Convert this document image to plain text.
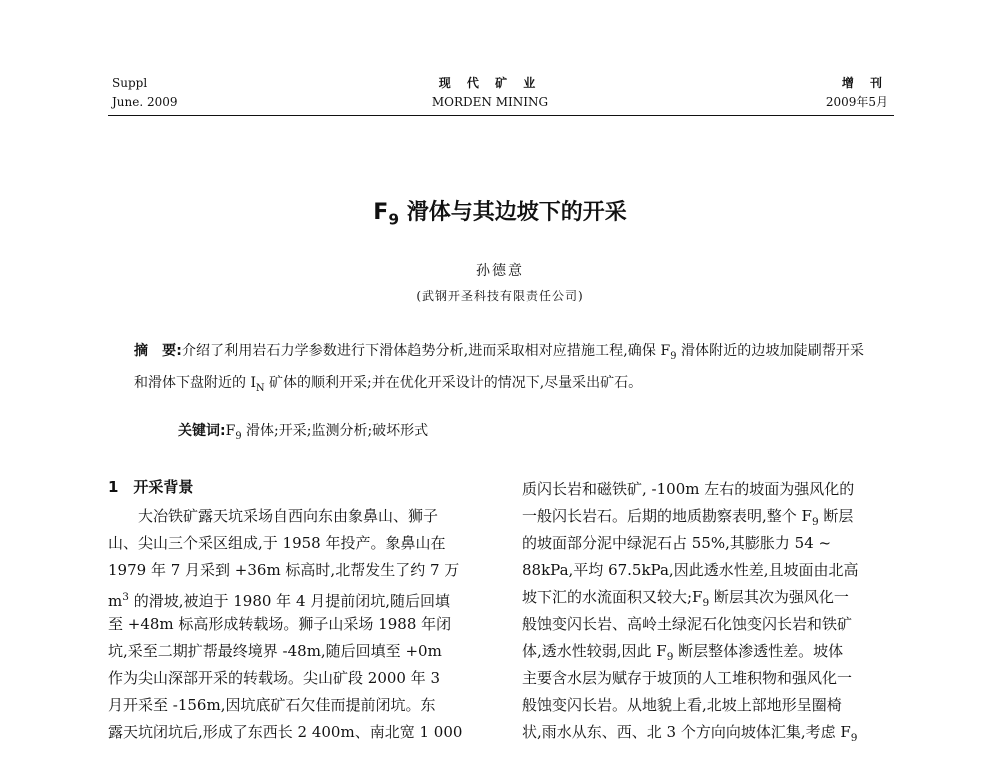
Suppl
June. 2009
现 代 矿 业
MORDEN MINING
增 刊
2009年5月
$F_9$ 滑体与其边坡下的开采
孙德意
(武钢开圣科技有限责任公司)
摘　要:介绍了利用岩石力学参数进行下滑体趋势分析,进而采取相对应措施工程,确保 $F_9$ 滑体附近的边坡加陡刷帮开采和滑体下盘附近的 $I_N$ 矿体的顺利开采;并在优化开采设计的情况下,尽量采出矿石。
关键词$:F_9$ 滑体;开采;监测分析;破坏形式
1　开采背景
　　大冶铁矿露天坑采场自西向东由象鼻山、狮子
山、尖山三个采区组成,于 1958 年投产。象鼻山在
1979 年 7 月采到 +36m 标高时,北帮发生了约 7 万
$m^3$ 的滑坡,被迫于 1980 年 4 月提前闭坑,随后回填
至 +48m 标高形成转载场。狮子山采场 1988 年闭
坑,采至二期扩帮最终境界 -48m,随后回填至 +0m
作为尖山深部开采的转载场。尖山矿段 2000 年 3
月开采至 -156m,因坑底矿石欠佳而提前闭坑。东
露天坑闭坑后,形成了东西长 2 400m、南北宽 1 000
质闪长岩和磁铁矿, -100m 左右的坡面为强风化的
一般闪长岩石。后期的地质勘察表明,整个 $F_9$ 断层
的坡面部分泥中绿泥石占 55%,其膨胀力 54 ~
88kPa,平均 67.5kPa,因此透水性差,且坡面由北高
坡下汇的水流面积又较大$;F_9$ 断层其次为强风化一
般蚀变闪长岩、高岭土绿泥石化蚀变闪长岩和铁矿
体,透水性较弱,因此 $F_9$ 断层整体渗透性差。坡体
主要含水层为赋存于坡顶的人工堆积物和强风化一
般蚀变闪长岩。从地貌上看,北坡上部地形呈圈椅
状,雨水从东、西、北 3 个方向向坡体汇集,考虑 $F_9$
